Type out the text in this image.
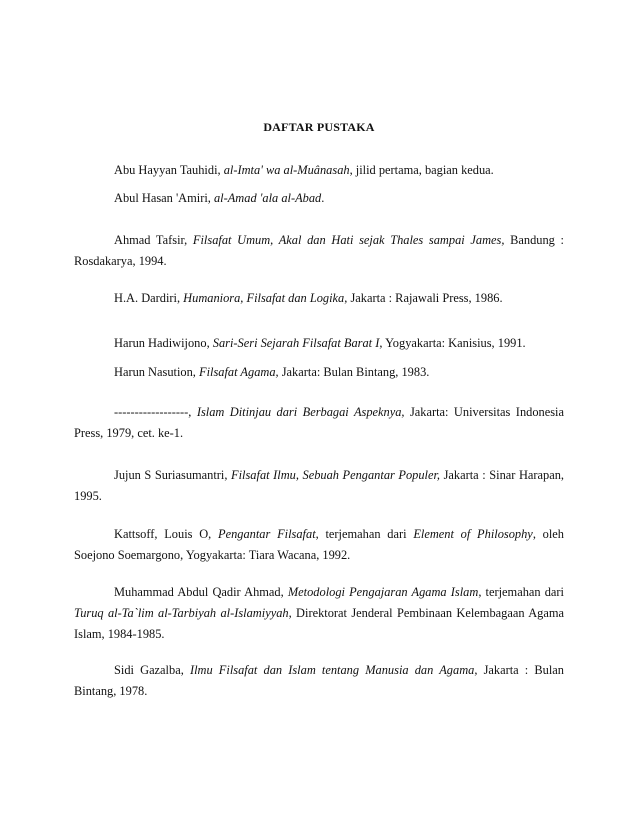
DAFTAR PUSTAKA

Abu Hayyan Tauhidi, al-Imta' wa al-Muânasah, jilid pertama, bagian kedua.

Abul Hasan 'Amiri, al-Amad 'ala al-Abad.

Ahmad Tafsir, Filsafat Umum, Akal dan Hati sejak Thales sampai James, Bandung : Rosdakarya, 1994.

H.A. Dardiri, Humaniora, Filsafat dan Logika, Jakarta : Rajawali Press, 1986.

Harun Hadiwijono, Sari-Seri Sejarah Filsafat Barat I, Yogyakarta: Kanisius, 1991.

Harun Nasution, Filsafat Agama, Jakarta: Bulan Bintang, 1983.

------------------, Islam Ditinjau dari Berbagai Aspeknya, Jakarta: Universitas Indonesia Press, 1979, cet. ke-1.

Jujun S Suriasumantri, Filsafat Ilmu, Sebuah Pengantar Populer, Jakarta : Sinar Harapan, 1995.

Kattsoff, Louis O, Pengantar Filsafat, terjemahan dari Element of Philosophy, oleh Soejono Soemargono, Yogyakarta: Tiara Wacana, 1992.

Muhammad Abdul Qadir Ahmad, Metodologi Pengajaran Agama Islam, terjemahan dari Turuq al-Ta`lim al-Tarbiyah al-Islamiyyah, Direktorat Jenderal Pembinaan Kelembagaan Agama Islam, 1984-1985.

Sidi Gazalba, Ilmu Filsafat dan Islam tentang Manusia dan Agama, Jakarta : Bulan Bintang, 1978.
